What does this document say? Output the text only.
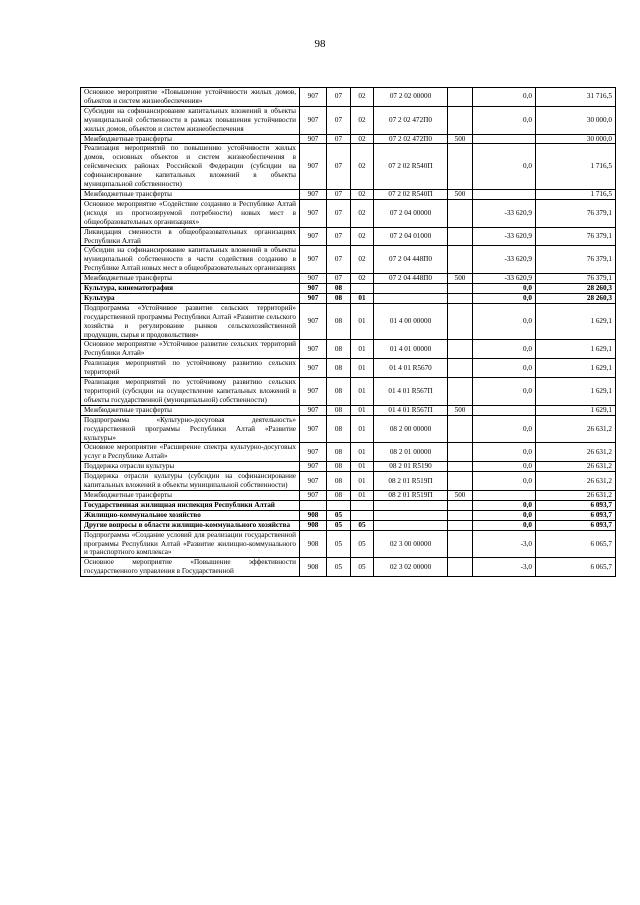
98
Основное мероприятие «Повышение устойчивости жилых домов, объектов и систем жизнеобеспечения»	907	07	02	07 2 02 00000		0,0	31 716,5
Субсидии на софинансирование капитальных вложений в объекты муниципальной собственности в рамках повышения устойчивости жилых домов, объектов и систем жизнеобеспечения	907	07	02	07 2 02 472П0		0,0	30 000,0
Межбюджетные трансферты	907	07	02	07 2 02 472П0	500		30 000,0
Реализация мероприятий по повышению устойчивости жилых домов, основных объектов и систем жизнеобеспечения в сейсмических районах Российской Федерации (субсидии на софинансирование капитальных вложений в объекты муниципальной собственности)	907	07	02	07 2 02 R540П		0,0	1 716,5
Межбюджетные трансферты	907	07	02	07 2 02 R540П	500		1 716,5
Основное мероприятие «Содействие созданию в Республике Алтай (исходя из прогнозируемой потребности) новых мест в общеобразовательных организациях»	907	07	02	07 2 04 00000		-33 620,9	76 379,1
Ликвидация сменности в общеобразовательных организациях Республики Алтай	907	07	02	07 2 04 01000		-33 620,9	76 379,1
Субсидии на софинансирование капитальных вложений в объекты муниципальной собственности в части содействия созданию в Республике Алтай новых мест в общеобразовательных организациях	907	07	02	07 2 04 448П0		-33 620,9	76 379,1
Межбюджетные трансферты	907	07	02	07 2 04 448П0	500	-33 620,9	76 379,1
Культура, кинематография	907	08				0,0	28 260,3
Культура	907	08	01			0,0	28 260,3
Подпрограмма «Устойчивое развитие сельских территорий» государственной программы Республики Алтай «Развитие сельского хозяйства и регулирование рынков сельскохозяйственной продукции, сырья и продовольствия»	907	08	01	01 4 00 00000		0,0	1 629,1
Основное мероприятие «Устойчивое развитие сельских территорий Республики Алтай»	907	08	01	01 4 01 00000		0,0	1 629,1
Реализация мероприятий по устойчивому развитию сельских территорий	907	08	01	01 4 01 R5670		0,0	1 629,1
Реализация мероприятий по устойчивому развитию сельских территорий (субсидии на осуществление капитальных вложений в объекты государственной (муниципальной) собственности)	907	08	01	01 4 01 R567П		0,0	1 629,1
Межбюджетные трансферты	907	08	01	01 4 01 R567П	500		1 629,1
Подпрограмма «Культурно-досуговая деятельность» государственной программы Республики Алтай «Развитие культуры»	907	08	01	08 2 00 00000		0,0	26 631,2
Основное мероприятие «Расширение спектра культурно-досуговых услуг в Республике Алтай»	907	08	01	08 2 01 00000		0,0	26 631,2
Поддержка отрасли культуры	907	08	01	08 2 01 R5190		0,0	26 631,2
Поддержка отрасли культуры (субсидии на софинансирование капитальных вложений в объекты муниципальной собственности)	907	08	01	08 2 01 R519П		0,0	26 631,2
Межбюджетные трансферты	907	08	01	08 2 01 R519П	500		26 631,2
Государственная жилищная инспекция Республики Алтай						0,0	6 093,7
Жилищно-коммунальное хозяйство	908	05				0,0	6 093,7
Другие вопросы в области жилищно-коммунального хозяйства	908	05	05			0,0	6 093,7
Подпрограмма «Создание условий для реализации государственной программы Республики Алтай «Развитие жилищно-коммунального и транспортного комплекса»	908	05	05	02 3 00 00000		-3,0	6 065,7
Основное мероприятие «Повышение эффективности государственного управления в Государственной	908	05	05	02 3 02 00000		-3,0	6 065,7
